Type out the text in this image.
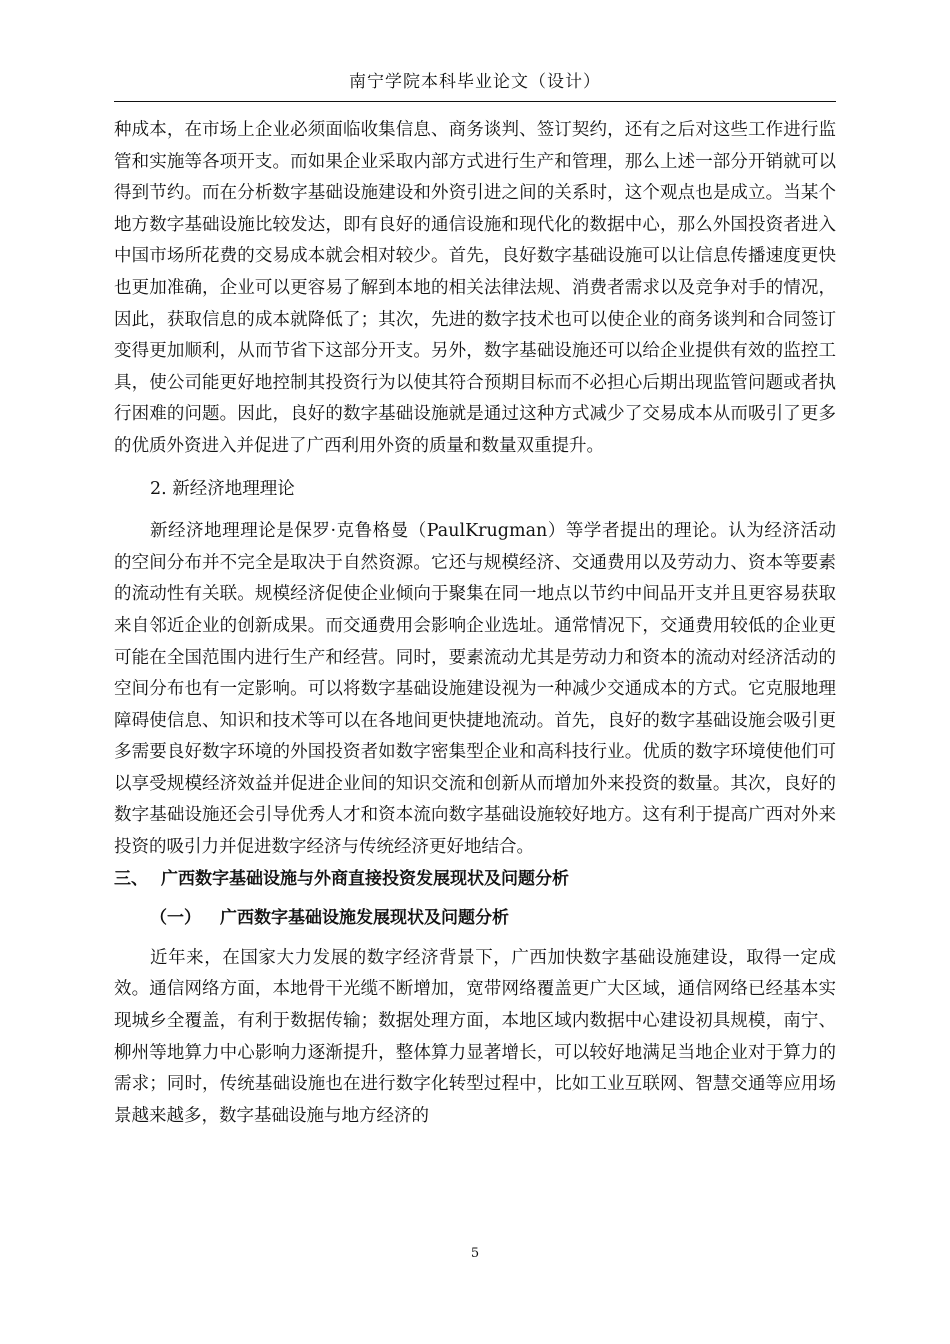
南宁学院本科毕业论文（设计）

种成本，在市场上企业必须面临收集信息、商务谈判、签订契约，还有之后对这些工作进行监管和实施等各项开支。而如果企业采取内部方式进行生产和管理，那么上述一部分开销就可以得到节约。而在分析数字基础设施建设和外资引进之间的关系时，这个观点也是成立。当某个地方数字基础设施比较发达，即有良好的通信设施和现代化的数据中心，那么外国投资者进入中国市场所花费的交易成本就会相对较少。首先，良好数字基础设施可以让信息传播速度更快也更加准确，企业可以更容易了解到本地的相关法律法规、消费者需求以及竞争对手的情况，因此，获取信息的成本就降低了；其次，先进的数字技术也可以使企业的商务谈判和合同签订变得更加顺利，从而节省下这部分开支。另外，数字基础设施还可以给企业提供有效的监控工具，使公司能更好地控制其投资行为以使其符合预期目标而不必担心后期出现监管问题或者执行困难的问题。因此，良好的数字基础设施就是通过这种方式减少了交易成本从而吸引了更多的优质外资进入并促进了广西利用外资的质量和数量双重提升。

2. 新经济地理理论

新经济地理理论是保罗·克鲁格曼（PaulKrugman）等学者提出的理论。认为经济活动的空间分布并不完全是取决于自然资源。它还与规模经济、交通费用以及劳动力、资本等要素的流动性有关联。规模经济促使企业倾向于聚集在同一地点以节约中间品开支并且更容易获取来自邻近企业的创新成果。而交通费用会影响企业选址。通常情况下，交通费用较低的企业更可能在全国范围内进行生产和经营。同时，要素流动尤其是劳动力和资本的流动对经济活动的空间分布也有一定影响。可以将数字基础设施建设视为一种减少交通成本的方式。它克服地理障碍使信息、知识和技术等可以在各地间更快捷地流动。首先，良好的数字基础设施会吸引更多需要良好数字环境的外国投资者如数字密集型企业和高科技行业。优质的数字环境使他们可以享受规模经济效益并促进企业间的知识交流和创新从而增加外来投资的数量。其次，良好的数字基础设施还会引导优秀人才和资本流向数字基础设施较好地方。这有利于提高广西对外来投资的吸引力并促进数字经济与传统经济更好地结合。

三、 广西数字基础设施与外商直接投资发展现状及问题分析
（一） 广西数字基础设施发展现状及问题分析

近年来，在国家大力发展的数字经济背景下，广西加快数字基础设施建设，取得一定成效。通信网络方面，本地骨干光缆不断增加，宽带网络覆盖更广大区域，通信网络已经基本实现城乡全覆盖，有利于数据传输；数据处理方面，本地区域内数据中心建设初具规模，南宁、柳州等地算力中心影响力逐渐提升，整体算力显著增长，可以较好地满足当地企业对于算力的需求；同时，传统基础设施也在进行数字化转型过程中，比如工业互联网、智慧交通等应用场景越来越多，数字基础设施与地方经济的

5
